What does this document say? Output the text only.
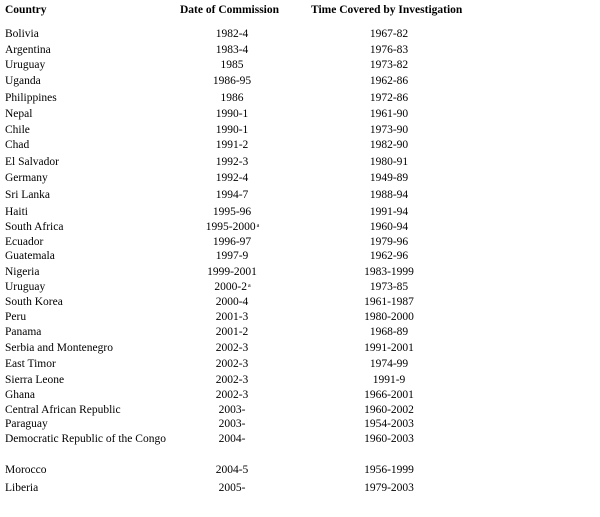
Country	Date of Commission	Time Covered by Investigation
Bolivia	1982-4	1967-82
Argentina	1983-4	1976-83
Uruguay	1985	1973-82
Uganda	1986-95	1962-86
Philippines	1986	1972-86
Nepal	1990-1	1961-90
Chile	1990-1	1973-90
Chad	1991-2	1982-90
El Salvador	1992-3	1980-91
Germany	1992-4	1949-89
Sri Lanka	1994-7	1988-94
Haiti	1995-96	1991-94
South Africa	1995-2000$^a$	1960-94
Ecuador	1996-97	1979-96
Guatemala	1997-9	1962-96
Nigeria	1999-2001	1983-1999
Uruguay	2000-2$^a$	1973-85
South Korea	2000-4	1961-1987
Peru	2001-3	1980-2000
Panama	2001-2	1968-89
Serbia and Montenegro	2002-3	1991-2001
East Timor	2002-3	1974-99
Sierra Leone	2002-3	1991-9
Ghana	2002-3	1966-2001
Central African Republic	2003-	1960-2002
Paraguay	2003-	1954-2003
Democratic Republic of the Congo	2004-	1960-2003
Morocco	2004-5	1956-1999
Liberia	2005-	1979-2003
